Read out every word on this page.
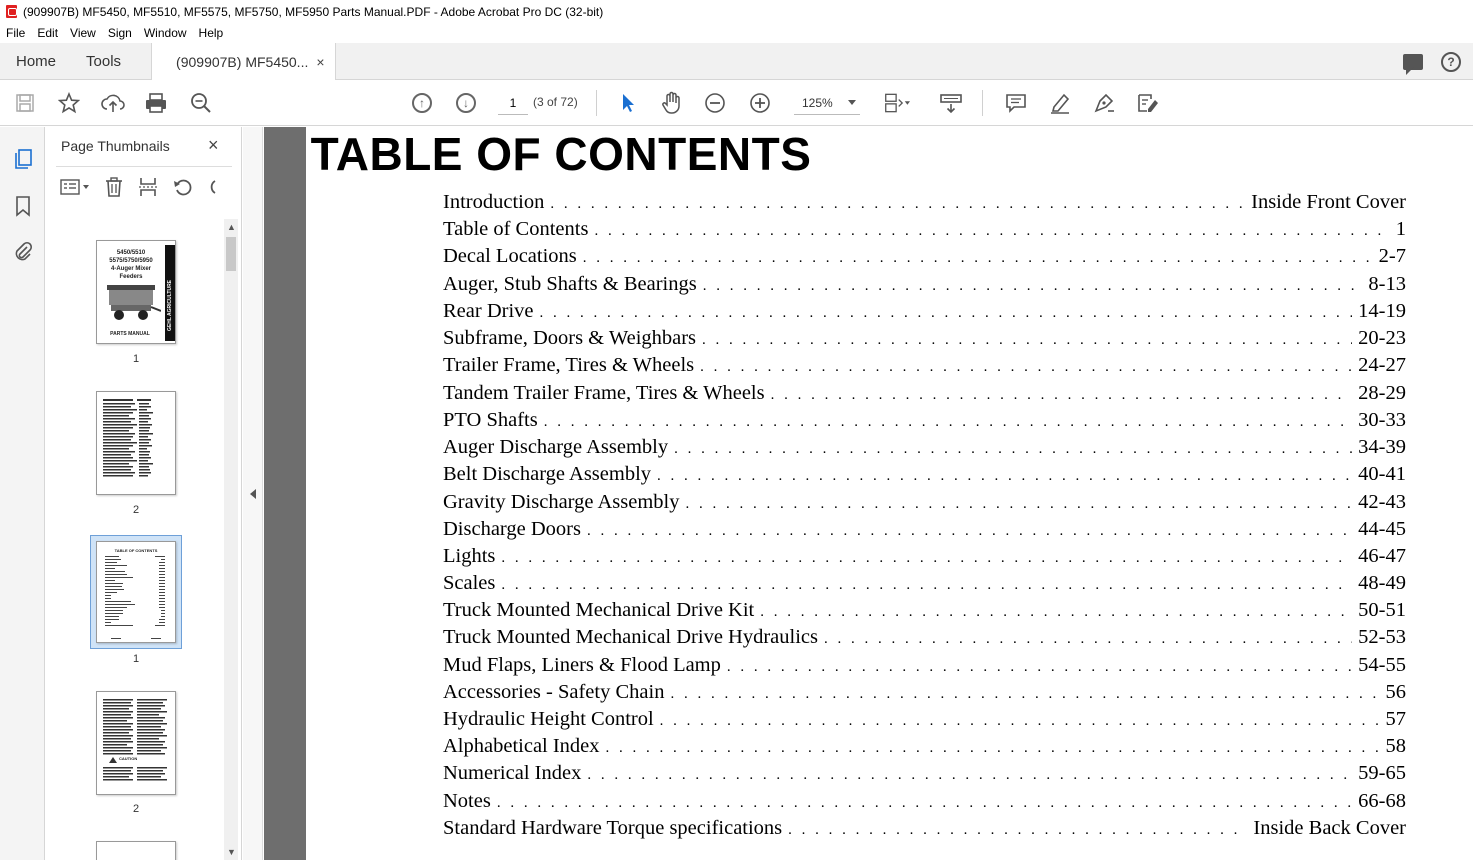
(909907B) MF5450, MF5510, MF5575, MF5750, MF5950 Parts Manual.PDF - Adobe Acrobat Pro DC (32-bit)
File Edit View Sign Window Help
Home	Tools	(909907B) MF5450... ×	?
↑	↓
1	(3 of 72)	125%
Page Thumbnails ×
5450/5510
5575/5750/5950
4-Auger Mixer
Feeders
PARTS MANUAL
GEHL AGRICULTURE
1
2
TABLE OF CONTENTS
1
CAUTION
2
▲
▼
TABLE OF CONTENTS
Introduction . . .	Inside Front Cover
Table of Contents . . .	1
Decal Locations . . .	2-7
Auger, Stub Shafts & Bearings . . .	8-13
Rear Drive . . .	14-19
Subframe, Doors & Weighbars . . .	20-23
Trailer Frame, Tires & Wheels . . .	24-27
Tandem Trailer Frame, Tires & Wheels . . .	28-29
PTO Shafts . . .	30-33
Auger Discharge Assembly . . .	34-39
Belt Discharge Assembly . . .	40-41
Gravity Discharge Assembly . . .	42-43
Discharge Doors . . .	44-45
Lights . . .	46-47
Scales . . .	48-49
Truck Mounted Mechanical Drive Kit . . .	50-51
Truck Mounted Mechanical Drive Hydraulics . . .	52-53
Mud Flaps, Liners & Flood Lamp . . .	54-55
Accessories - Safety Chain . . .	56
Hydraulic Height Control . . .	57
Alphabetical Index . . .	58
Numerical Index . . .	59-65
Notes . . .	66-68
Standard Hardware Torque specifications . . .	Inside Back Cover
